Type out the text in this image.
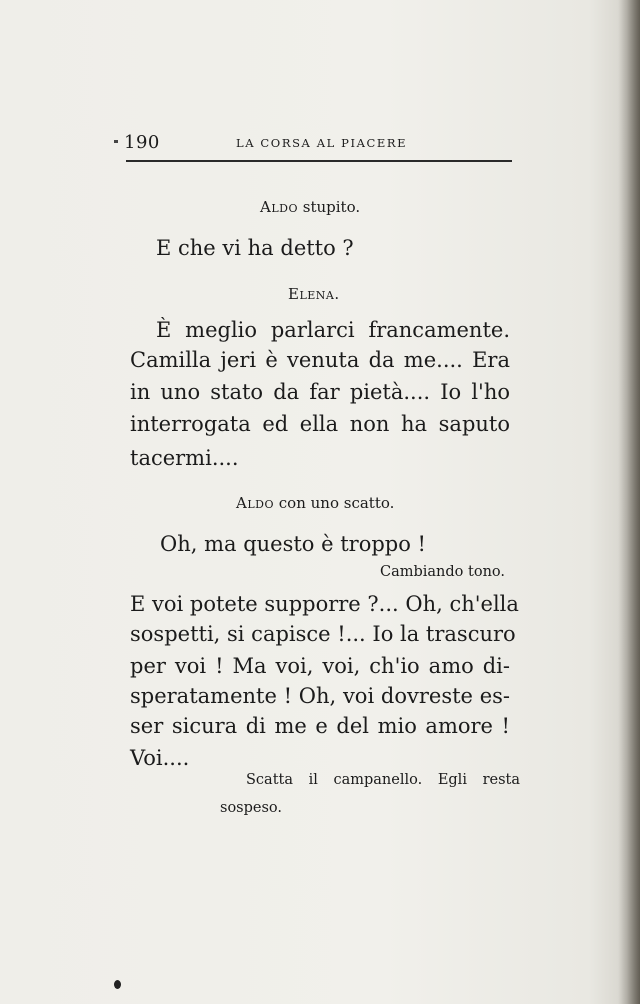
190	LA CORSA AL PIACERE
Aldo stupito.
E che vi ha detto ?
Elena.
È meglio parlarci francamente.
Camilla jeri è venuta da me.... Era
in uno stato da far pietà.... Io l'ho
interrogata ed ella non ha saputo
tacermi....
Aldo con uno scatto.
Oh, ma questo è troppo !
Cambiando tono.
E voi potete supporre ?... Oh, ch'ella
sospetti, si capisce !... Io la trascuro
per voi ! Ma voi, voi, ch'io amo di-
speratamente ! Oh, voi dovreste es-
ser sicura di me e del mio amore !
Voi....
Scatta il campanello. Egli resta
sospeso.
